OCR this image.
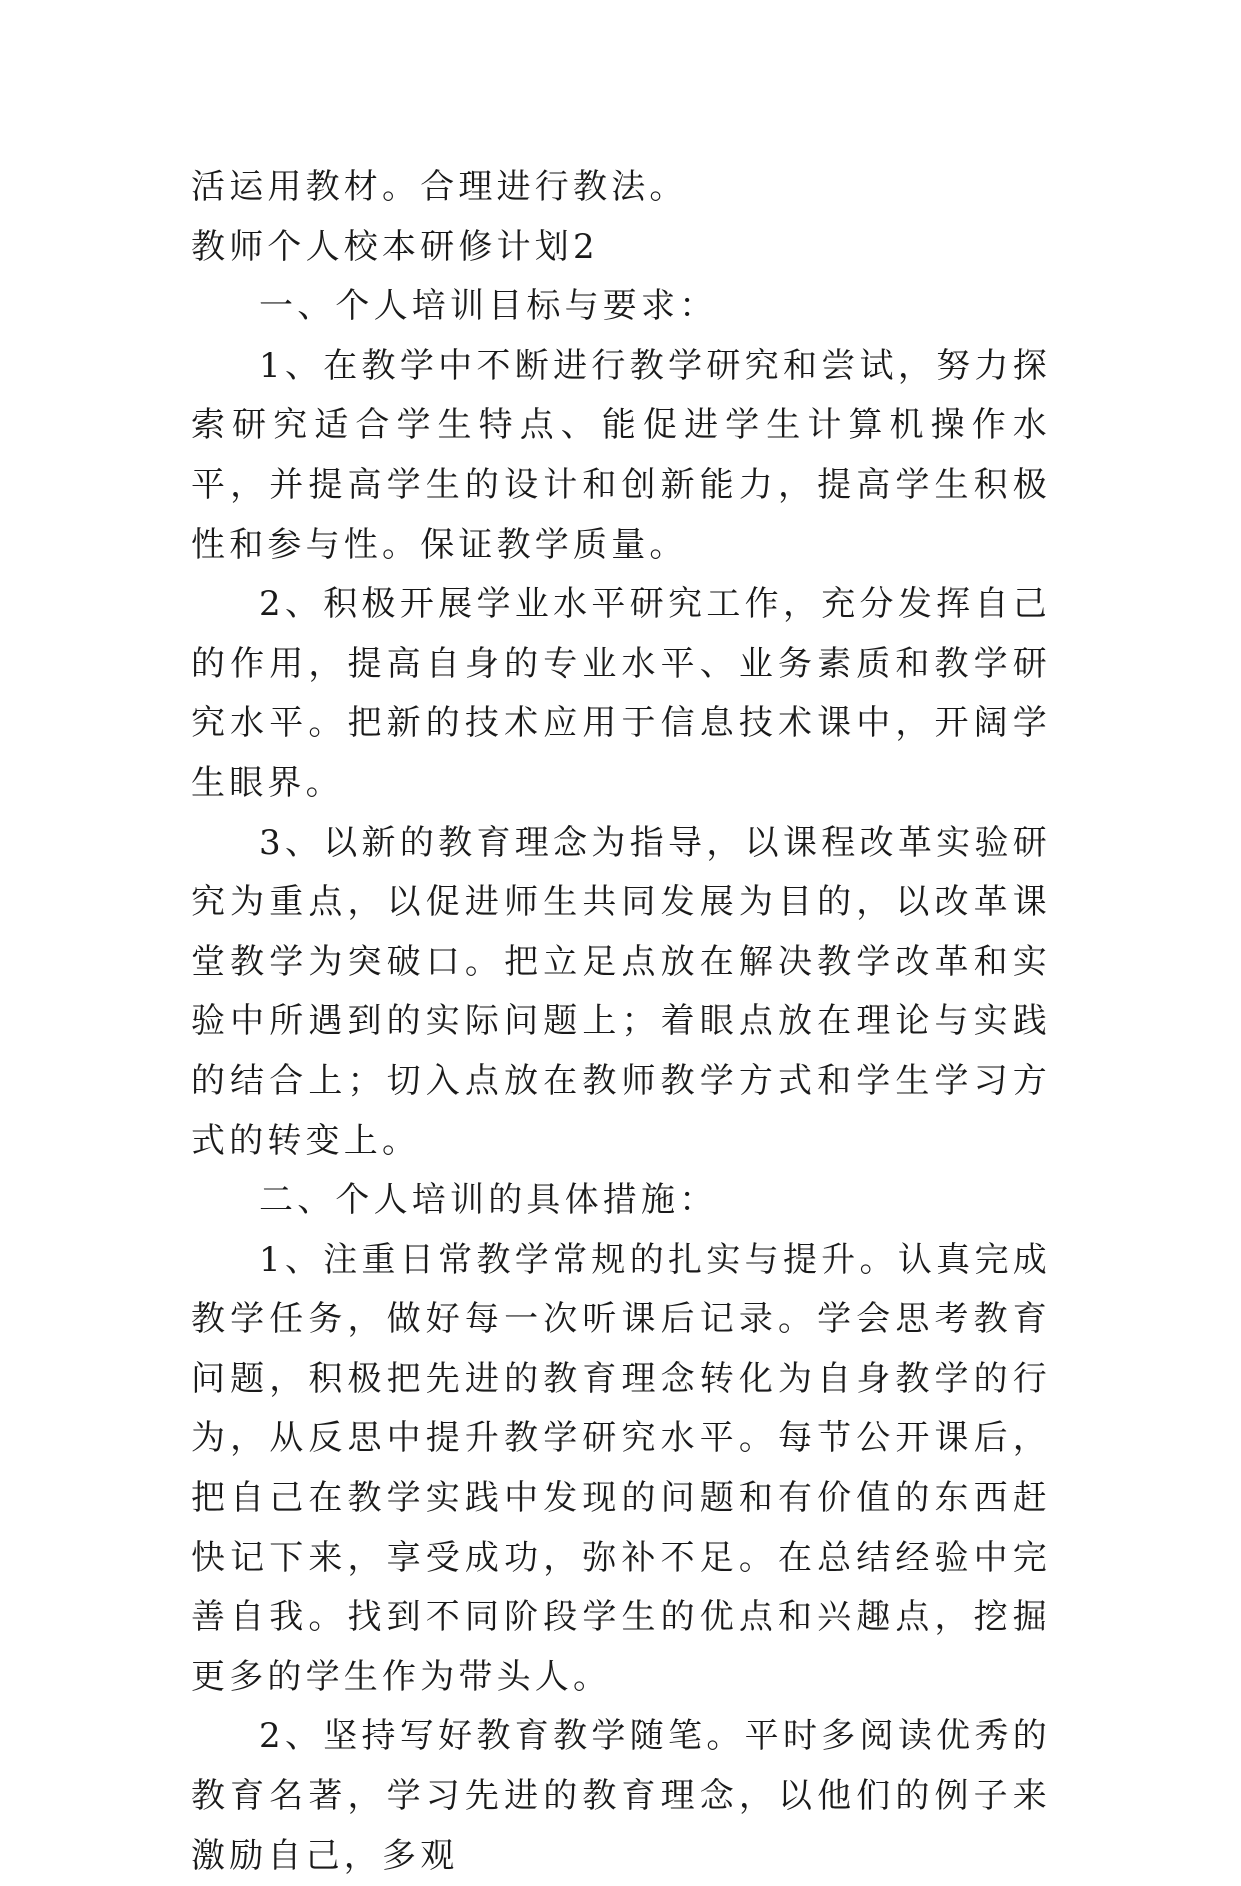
活运用教材。合理进行教法。

教师个人校本研修计划2

一、个人培训目标与要求：

1、在教学中不断进行教学研究和尝试，努力探索研究适合学生特点、能促进学生计算机操作水平，并提高学生的设计和创新能力，提高学生积极性和参与性。保证教学质量。

2、积极开展学业水平研究工作，充分发挥自己的作用，提高自身的专业水平、业务素质和教学研究水平。把新的技术应用于信息技术课中，开阔学生眼界。

3、以新的教育理念为指导，以课程改革实验研究为重点，以促进师生共同发展为目的，以改革课堂教学为突破口。把立足点放在解决教学改革和实验中所遇到的实际问题上；着眼点放在理论与实践的结合上；切入点放在教师教学方式和学生学习方式的转变上。

二、个人培训的具体措施：

1、注重日常教学常规的扎实与提升。认真完成教学任务，做好每一次听课后记录。学会思考教育问题，积极把先进的教育理念转化为自身教学的行为，从反思中提升教学研究水平。每节公开课后，把自己在教学实践中发现的问题和有价值的东西赶快记下来，享受成功，弥补不足。在总结经验中完善自我。找到不同阶段学生的优点和兴趣点，挖掘更多的学生作为带头人。

2、坚持写好教育教学随笔。平时多阅读优秀的教育名著，学习先进的教育理念，以他们的例子来激励自己，多观
